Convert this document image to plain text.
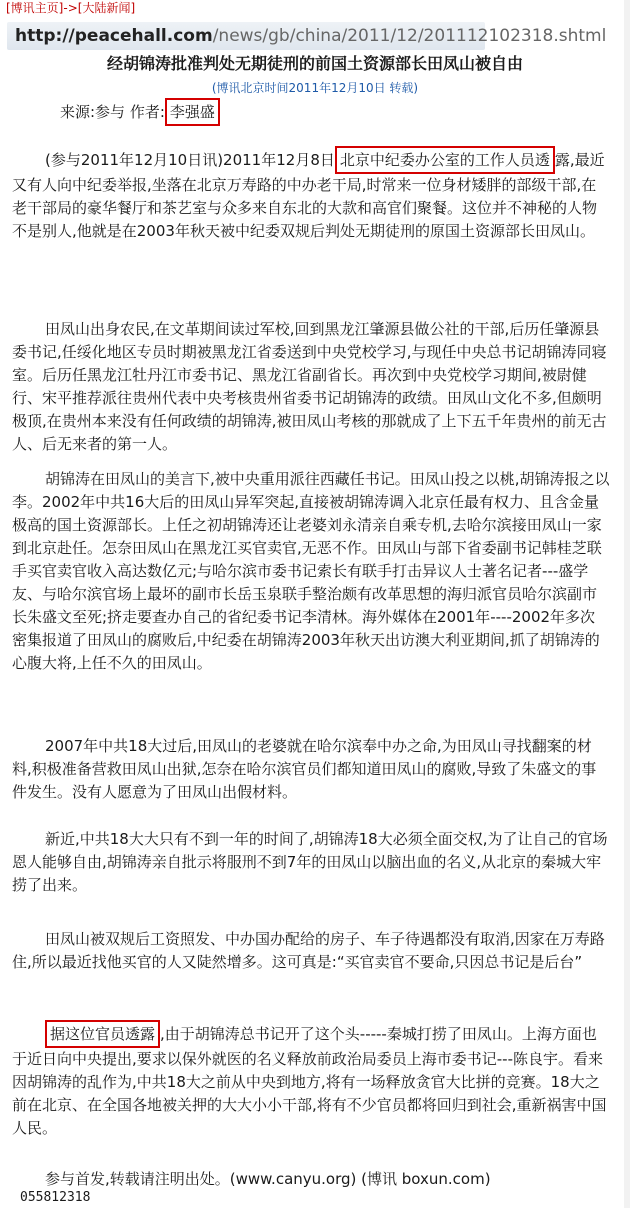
[博讯主页]->[大陆新闻]
http://peacehall.com/news/gb/china/2011/12/201112102318.shtml
经胡锦涛批准判处无期徒刑的前国土资源部长田凤山被自由
(博讯北京时间2011年12月10日 转载)
来源:参与 作者: 李强盛

(参与2011年12月10日讯)2011年12月8日 北京中纪委办公室的工作人员透 露,最近又有人向中纪委举报,坐落在北京万寿路的中办老干局,时常来一位身材矮胖的部级干部,在老干部局的豪华餐厅和茶艺室与众多来自东北的大款和高官们聚餐。这位并不神秘的人物不是别人,他就是在2003年秋天被中纪委双规后判处无期徒刑的原国土资源部长田凤山。

田凤山出身农民,在文革期间读过军校,回到黑龙江肇源县做公社的干部,后历任肇源县委书记,任绥化地区专员时期被黑龙江省委送到中央党校学习,与现任中央总书记胡锦涛同寝室。后历任黑龙江牡丹江市委书记、黑龙江省副省长。再次到中央党校学习期间,被尉健行、宋平推荐派往贵州代表中央考核贵州省委书记胡锦涛的政绩。田凤山文化不多,但颇明极顶,在贵州本来没有任何政绩的胡锦涛,被田凤山考核的那就成了上下五千年贵州的前无古人、后无来者的第一人。

胡锦涛在田凤山的美言下,被中央重用派往西藏任书记。田凤山投之以桃,胡锦涛报之以李。2002年中共16大后的田凤山异军突起,直接被胡锦涛调入北京任最有权力、且含金量极高的国土资源部长。上任之初胡锦涛还让老婆刘永清亲自乘专机,去哈尔滨接田凤山一家到北京赴任。怎奈田凤山在黑龙江买官卖官,无恶不作。田凤山与部下省委副书记韩桂芝联手买官卖官收入高达数亿元;与哈尔滨市委书记索长有联手打击异议人士著名记者---盛学友、与哈尔滨官场上最坏的副市长岳玉泉联手整治颇有改革思想的海归派官员哈尔滨副市长朱盛文至死;挤走要查办自己的省纪委书记李清林。海外媒体在2001年----2002年多次密集报道了田凤山的腐败后,中纪委在胡锦涛2003年秋天出访澳大利亚期间,抓了胡锦涛的心腹大将,上任不久的田凤山。

2007年中共18大过后,田凤山的老婆就在哈尔滨奉中办之命,为田凤山寻找翻案的材料,积极准备营救田凤山出狱,怎奈在哈尔滨官员们都知道田凤山的腐败,导致了朱盛文的事件发生。没有人愿意为了田凤山出假材料。

新近,中共18大大只有不到一年的时间了,胡锦涛18大必须全面交权,为了让自己的官场恩人能够自由,胡锦涛亲自批示将服刑不到7年的田凤山以脑出血的名义,从北京的秦城大牢捞了出来。

田凤山被双规后工资照发、中办国办配给的房子、车子待遇都没有取消,因家在万寿路住,所以最近找他买官的人又陡然增多。这可真是:“买官卖官不要命,只因总书记是后台”

据这位官员透露 ,由于胡锦涛总书记开了这个头-----秦城打捞了田凤山。上海方面也于近日向中央提出,要求以保外就医的名义释放前政治局委员上海市委书记---陈良宇。看来因胡锦涛的乱作为,中共18大之前从中央到地方,将有一场释放贪官大比拼的竞赛。18大之前在北京、在全国各地被关押的大大小小干部,将有不少官员都将回归到社会,重新祸害中国人民。

参与首发,转载请注明出处。(www.canyu.org) (博讯 boxun.com)

055812318
